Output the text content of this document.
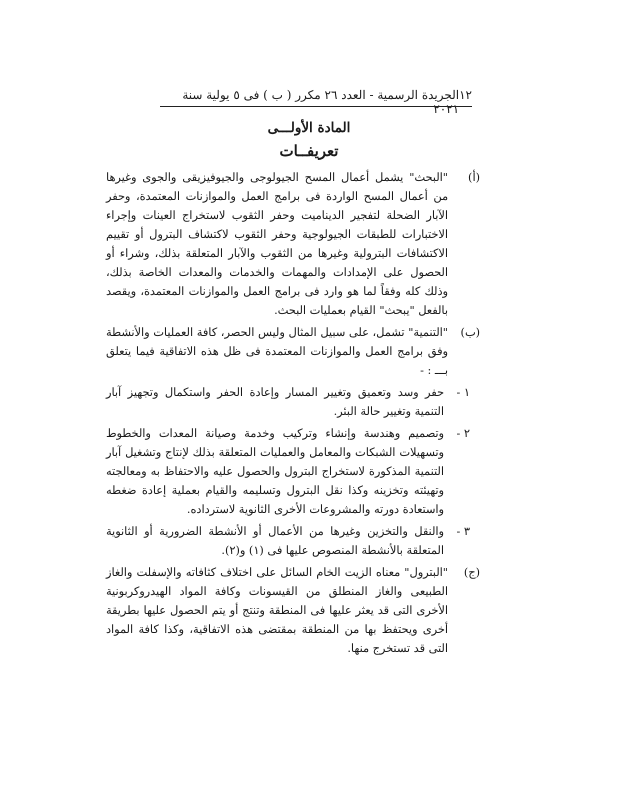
١٢
الجريدة الرسمية - العدد ٢٦ مكرر ( ب ) فى ٥ يولية سنة ٢٠٢١
المادة الأولـــى
تعريفــات
(أ)
"البحث" يشمل أعمال المسح الجيولوجى والجيوفيزيقى والجوى وغيرها من أعمال المسح الواردة فى برامج العمل والموازنات المعتمدة، وحفر الآبار الضحلة لتفجير الديناميت وحفر الثقوب لاستخراج العينات وإجراء الاختبارات للطبقات الجيولوجية وحفر الثقوب لاكتشاف البترول أو تقييم الاكتشافات البترولية وغيرها من الثقوب والآبار المتعلقة بذلك، وشراء أو الحصول على الإمدادات والمهمات والخدمات والمعدات الخاصة بذلك، وذلك كله وفقاً لما هو وارد فى برامج العمل والموازنات المعتمدة، ويقصد بالفعل "يبحث" القيام بعمليات البحث.
(ب)
"التنمية" تشمل، على سبيل المثال وليس الحصر، كافة العمليات والأنشطة وفق برامج العمل والموازنات المعتمدة فى ظل هذه الاتفاقية فيما يتعلق بـــ : -
١ -
حفر وسد وتعميق وتغيير المسار وإعادة الحفر واستكمال وتجهيز آبار التنمية وتغيير حالة البئر.
٢ -
وتصميم وهندسة وإنشاء وتركيب وخدمة وصيانة المعدات والخطوط وتسهيلات الشبكات والمعامل والعمليات المتعلقة بذلك لإنتاج وتشغيل آبار التنمية المذكورة لاستخراج البترول والحصول عليه والاحتفاظ به ومعالجته وتهيئته وتخزينه وكذا نقل البترول وتسليمه والقيام بعملية إعادة ضغطه واستعادة دورته والمشروعات الأخرى الثانوية لاسترداده.
٣ -
والنقل والتخزين وغيرها من الأعمال أو الأنشطة الضرورية أو الثانوية المتعلقة بالأنشطة المنصوص عليها فى (١) و(٢).
(ج)
"البترول" معناه الزيت الخام السائل على اختلاف كثافاته والإسفلت والغاز الطبيعى والغاز المنطلق من القيسونات وكافة المواد الهيدروكربونية الأخرى التى قد يعثر عليها فى المنطقة وتنتج أو يتم الحصول عليها بطريقة أخرى ويحتفظ بها من المنطقة بمقتضى هذه الاتفاقية، وكذا كافة المواد التى قد تستخرج منها.
